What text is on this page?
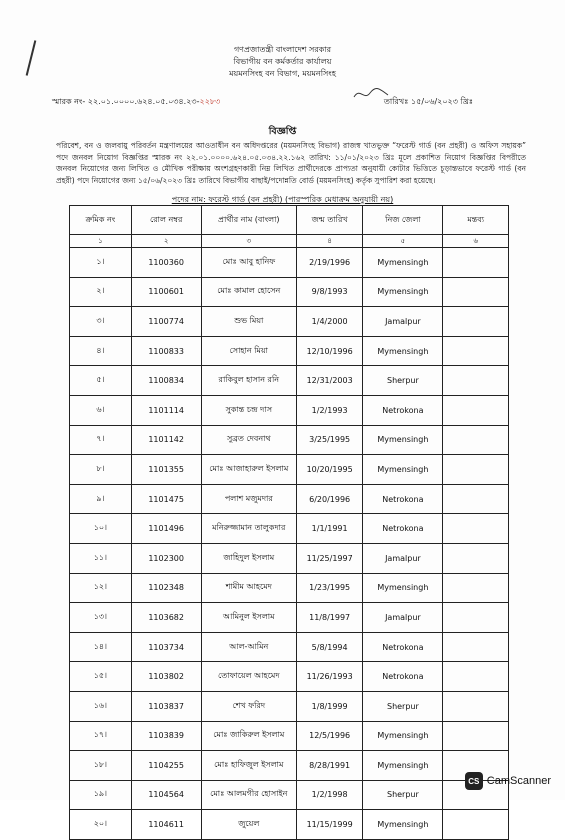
গণপ্রজাতন্ত্রী বাংলাদেশ সরকার
বিভাগীয় বন কর্মকর্তার কার্যালয়
ময়মনসিংহ বন বিভাগ, ময়মনসিংহ
স্মারক নং- ২২.০১.০০০০.৬২৪.০৫.০৩৪.২৩-২২৮৩	তারিখঃ ১৫/০৬/২০২৩ খ্রিঃ
বিজ্ঞপ্তি
পরিবেশ, বন ও জলবায়ু পরিবর্তন মন্ত্রণালয়ের আওতাধীন বন অধিদপ্তরের (ময়মনসিংহ বিভাগ) রাজস্ব খাতভুক্ত “ফরেস্ট গার্ড (বন প্রহরী) ও অফিস সহায়ক” পদে জনবল নিয়োগ বিজ্ঞপ্তির স্মারক নং ২২.০১.০০০০.৬২৪.০৫.০৩৪.২২.১৬২ তারিখ: ১১/০১/২০২৩ খ্রিঃ মূলে প্রকাশিত নিয়োগ বিজ্ঞপ্তির বিপরীতে জনবল নিয়োগের জন্য লিখিত ও মৌখিক পরীক্ষায় অংশগ্রহণকারী নিম্ন লিখিত প্রার্থীদেরকে প্রাপ্যতা অনুযায়ী কোটার ভিত্তিতে চূড়ান্তভাবে ফরেস্ট গার্ড (বন প্রহরী) পদে নিয়োগের জন্য ১৫/০৬/২০২৩ খ্রিঃ তারিখে বিভাগীয় বাছাই/পদোন্নতি বোর্ড (ময়মনসিংহ) কর্তৃক সুপারিশ করা হয়েছে।
পদের নাম: ফরেস্ট গার্ড (বন প্রহরী) (পারস্পরিক মেধাক্রম অনুযায়ী নয়)
ক্রমিক নং	রোল নম্বর	প্রার্থীর নাম (বাংলা)	জন্ম তারিখ	নিজ জেলা	মন্তব্য
১	২	৩	৪	৫	৬
১।	1100360	মোঃ আবু হানিফ	2/19/1996	Mymensingh	
২।	1100601	মোঃ কামাল হোসেন	9/8/1993	Mymensingh	
৩।	1100774	শুভ মিয়া	1/4/2000	Jamalpur	
৪।	1100833	সোহান মিয়া	12/10/1996	Mymensingh	
৫।	1100834	রাকিবুল হাসান রনি	12/31/2003	Sherpur	
৬।	1101114	সুকান্ত চন্দ্র দাস	1/2/1993	Netrokona	
৭।	1101142	সুব্রত দেবনাথ	3/25/1995	Mymensingh	
৮।	1101355	মোঃ আজাহারুল ইসলাম	10/20/1995	Mymensingh	
৯।	1101475	পলাশ মজুমদার	6/20/1996	Netrokona	
১০।	1101496	মনিরুজ্জামান তালুকদার	1/1/1991	Netrokona	
১১।	1102300	জাহিদুল ইসলাম	11/25/1997	Jamalpur	
১২।	1102348	শামীম আহমেদ	1/23/1995	Mymensingh	
১৩।	1103682	আমিনুল ইসলাম	11/8/1997	Jamalpur	
১৪।	1103734	আল-আমিন	5/8/1994	Netrokona	
১৫।	1103802	তোফায়েল আহমেদ	11/26/1993	Netrokona	
১৬।	1103837	শেখ ফরিদ	1/8/1999	Sherpur	
১৭।	1103839	মোঃ জাকিরুল ইসলাম	12/5/1996	Mymensingh	
১৮।	1104255	মোঃ হাফিজুল ইসলাম	8/28/1991	Mymensingh	
১৯।	1104564	মোঃ আলমগীর হোসাইন	1/2/1998	Sherpur	
২০।	1104611	জুয়েল	11/15/1999	Mymensingh	
CS CamScanner
